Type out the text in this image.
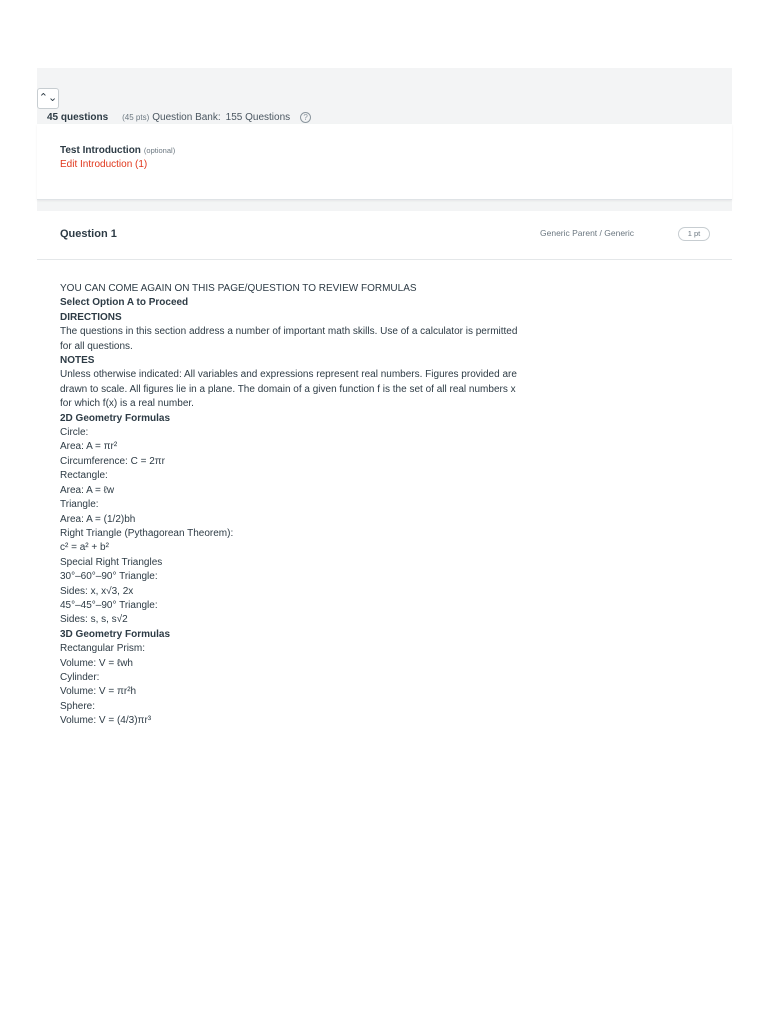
⌃⌄
45 questions (45 pts) Question Bank: 155 Questions	?
Test Introduction (optional)
Edit Introduction (1)
Question 1	Generic Parent / Generic	1 pt
YOU CAN COME AGAIN ON THIS PAGE/QUESTION TO REVIEW FORMULAS
Select Option A to Proceed
DIRECTIONS
The questions in this section address a number of important math skills. Use of a calculator is permitted for all questions.
NOTES
Unless otherwise indicated: All variables and expressions represent real numbers. Figures provided are drawn to scale. All figures lie in a plane. The domain of a given function f is the set of all real numbers x for which f(x) is a real number.
2D Geometry Formulas
Circle:
Area: A = πr²
Circumference: C = 2πr
Rectangle:
Area: A = ℓw
Triangle:
Area: A = (1/2)bh
Right Triangle (Pythagorean Theorem):
c² = a² + b²
Special Right Triangles
30°–60°–90° Triangle:
Sides: x, x√3, 2x
45°–45°–90° Triangle:
Sides: s, s, s√2
3D Geometry Formulas
Rectangular Prism:
Volume: V = ℓwh
Cylinder:
Volume: V = πr²h
Sphere:
Volume: V = (4/3)πr³
